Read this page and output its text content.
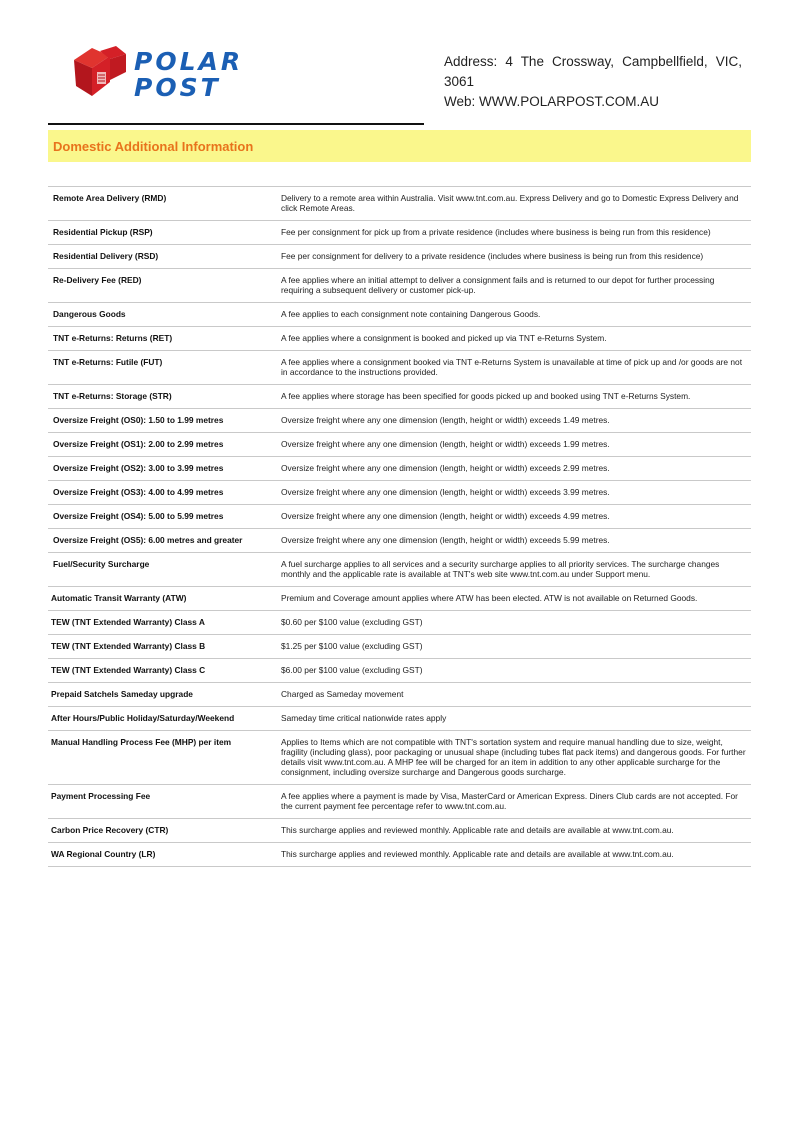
POLAR
POST
Address: 4 The Crossway, Campbellfield, VIC, 3061
Web: WWW.POLARPOST.COM.AU
Domestic Additional Information
Remote Area Delivery (RMD)	Delivery to a remote area within Australia. Visit www.tnt.com.au. Express Delivery and go to Domestic Express Delivery and click Remote Areas.
Residential Pickup (RSP)	Fee per consignment for pick up from a private residence (includes where business is being run from this residence)
Residential Delivery (RSD)	Fee per consignment for delivery to a private residence (includes where business is being run from this residence)
Re-Delivery Fee (RED)	A fee applies where an initial attempt to deliver a consignment fails and is returned to our depot for further processing requiring a subsequent delivery or customer pick-up.
Dangerous Goods	A fee applies to each consignment note containing Dangerous Goods.
TNT e-Returns: Returns (RET)	A fee applies where a consignment is booked and picked up via TNT e-Returns System.
TNT e-Returns: Futile (FUT)	A fee applies where a consignment booked via TNT e-Returns System is unavailable at time of pick up and /or goods are not in accordance to the instructions provided.
TNT e-Returns: Storage (STR)	A fee applies where storage has been specified for goods picked up and booked using TNT e-Returns System.
Oversize Freight (OS0): 1.50 to 1.99 metres	Oversize freight where any one dimension (length, height or width) exceeds 1.49 metres.
Oversize Freight (OS1): 2.00 to 2.99 metres	Oversize freight where any one dimension (length, height or width) exceeds 1.99 metres.
Oversize Freight (OS2): 3.00 to 3.99 metres	Oversize freight where any one dimension (length, height or width) exceeds 2.99 metres.
Oversize Freight (OS3): 4.00 to 4.99 metres	Oversize freight where any one dimension (length, height or width) exceeds 3.99 metres.
Oversize Freight (OS4): 5.00 to 5.99 metres	Oversize freight where any one dimension (length, height or width) exceeds 4.99 metres.
Oversize Freight (OS5): 6.00 metres and greater	Oversize freight where any one dimension (length, height or width) exceeds 5.99 metres.
Fuel/Security Surcharge	A fuel surcharge applies to all services and a security surcharge applies to all priority services. The surcharge changes monthly and the applicable rate is available at TNT's web site www.tnt.com.au under Support menu.
Automatic Transit Warranty (ATW)	Premium and Coverage amount applies where ATW has been elected. ATW is not available on Returned Goods.
TEW (TNT Extended Warranty) Class A	$0.60 per $100 value (excluding GST)
TEW (TNT Extended Warranty) Class B	$1.25 per $100 value (excluding GST)
TEW (TNT Extended Warranty) Class C	$6.00 per $100 value (excluding GST)
Prepaid Satchels Sameday upgrade	Charged as Sameday movement
After Hours/Public Holiday/Saturday/Weekend	Sameday time critical nationwide rates apply
Manual Handling Process Fee (MHP) per item	Applies to Items which are not compatible with TNT's sortation system and require manual handling due to size, weight, fragility (including glass), poor packaging or unusual shape (including tubes flat pack items) and dangerous goods. For further details visit www.tnt.com.au. A MHP fee will be charged for an item in addition to any other applicable surcharge for the consignment, including oversize surcharge and Dangerous goods surcharge.
Payment Processing Fee	A fee applies where a payment is made by Visa, MasterCard or American Express. Diners Club cards are not accepted. For the current payment fee percentage refer to www.tnt.com.au.
Carbon Price Recovery (CTR)	This surcharge applies and reviewed monthly. Applicable rate and details are available at www.tnt.com.au.
WA Regional Country (LR)	This surcharge applies and reviewed monthly. Applicable rate and details are available at www.tnt.com.au.
